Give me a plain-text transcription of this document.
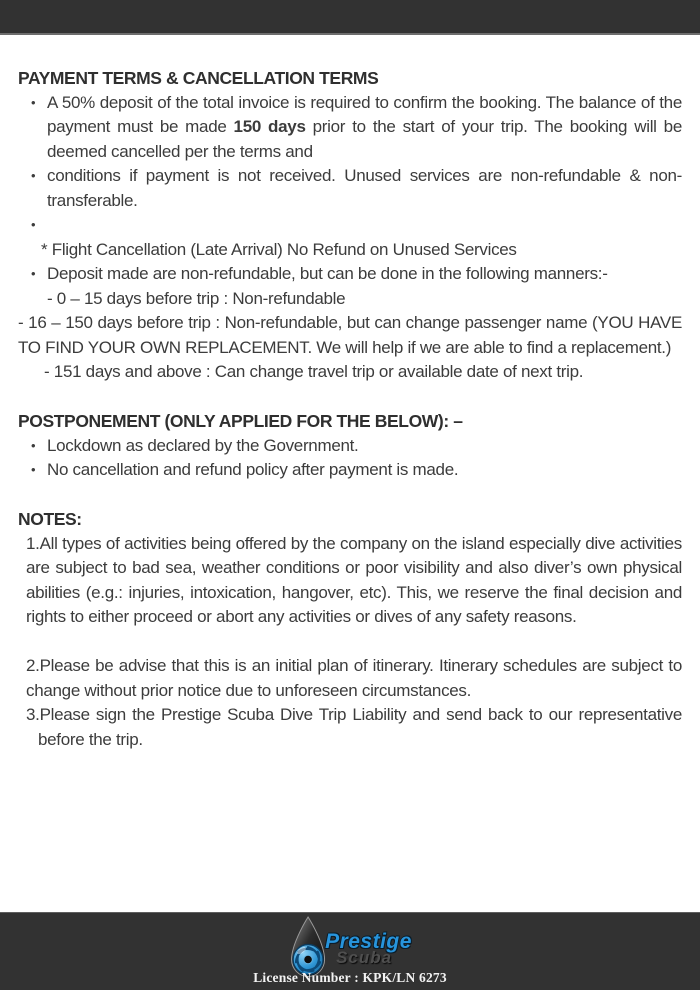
PAYMENT TERMS & CANCELLATION TERMS
• A 50% deposit of the total invoice is required to confirm the booking. The balance of the payment must be made 150 days prior to the start of your trip. The booking will be deemed cancelled per the terms and
• conditions if payment is not received. Unused services are non-refundable & non-transferable.
•

* Flight Cancellation (Late Arrival) No Refund on Unused Services
• Deposit made are non-refundable, but can be done in the following manners:-
- 0 – 15 days before trip : Non-refundable
- 16 – 150 days before trip : Non-refundable, but can change passenger name (YOU HAVE TO FIND YOUR OWN REPLACEMENT. We will help if we are able to find a replacement.)
- 151 days and above : Can change travel trip or available date of next trip.
POSTPONEMENT (ONLY APPLIED FOR THE BELOW): –
• Lockdown as declared by the Government.
• No cancellation and refund policy after payment is made.
NOTES:
1.All types of activities being offered by the company on the island especially dive activities are subject to bad sea, weather conditions or poor visibility and also diver’s own physical abilities (e.g.: injuries, intoxication, hangover, etc). This, we reserve the final decision and rights to either proceed or abort any activities or dives of any safety reasons.
2.Please be advise that this is an initial plan of itinerary. Itinerary schedules are subject to change without prior notice due to unforeseen circumstances.
3.Please sign the Prestige Scuba Dive Trip Liability and send back to our representative before the trip.
Prestige
Scuba
License Number : KPK/LN 6273
